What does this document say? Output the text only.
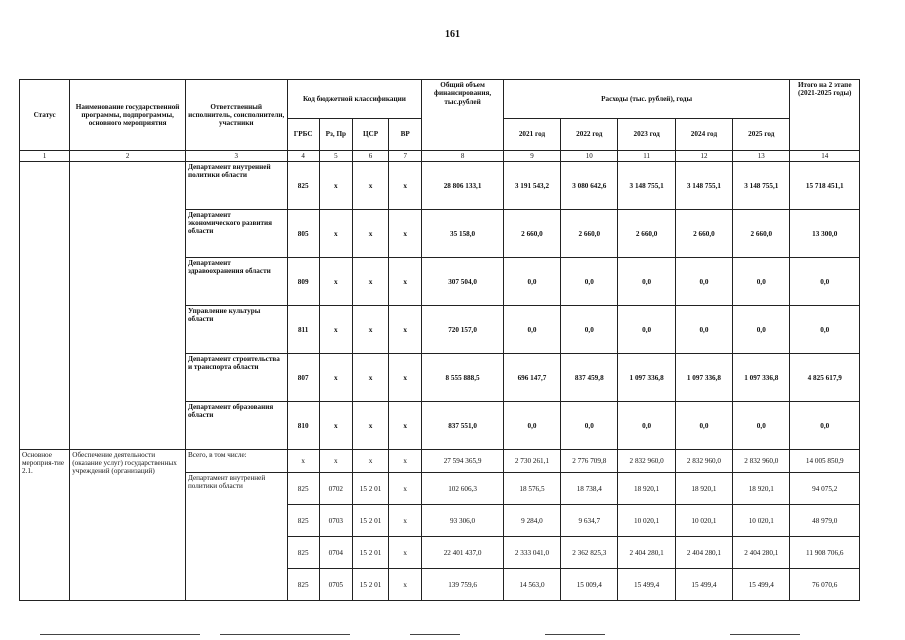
161
Статус	Наименование государственной программы, подпрограммы, основного мероприятия	Ответственный исполнитель, соисполнители, участники	Код бюджетной классификации				Общий объем финансирования, тыс.рублей	Расходы (тыс. рублей), годы					Итого на 2 этапе (2021-2025 годы)
			ГРБС	Рз, Пр	ЦСР	ВР		2021 год	2022 год	2023 год	2024 год	2025 год	
1	2	3	4	5	6	7	8	9	10	11	12	13	14
		Департамент внутренней политики области	825	x	x	x	28 806 133,1	3 191 543,2	3 080 642,6	3 148 755,1	3 148 755,1	3 148 755,1	15 718 451,1
		Департамент экономического развития области	805	x	x	x	35 158,0	2 660,0	2 660,0	2 660,0	2 660,0	2 660,0	13 300,0
		Департамент здравоохранения области	809	x	x	x	307 504,0	0,0	0,0	0,0	0,0	0,0	0,0
		Управление культуры области	811	x	x	x	720 157,0	0,0	0,0	0,0	0,0	0,0	0,0
		Департамент строительства и транспорта области	807	x	x	x	8 555 888,5	696 147,7	837 459,8	1 097 336,8	1 097 336,8	1 097 336,8	4 825 617,9
		Департамент образования области	810	x	x	x	837 551,0	0,0	0,0	0,0	0,0	0,0	0,0
Основное мероприя-тие 2.1.	Обеспечение деятельности (оказание услуг) государственных учреждений (организаций)	Всего, в том числе:	x	x	x	x	27 594 365,9	2 730 261,1	2 776 709,8	2 832 960,0	2 832 960,0	2 832 960,0	14 005 850,9
		Департамент внутренней политики области	825	0702	15 2 01	x	102 606,3	18 576,5	18 738,4	18 920,1	18 920,1	18 920,1	94 075,2
			825	0703	15 2 01	x	93 306,0	9 284,0	9 634,7	10 020,1	10 020,1	10 020,1	48 979,0
			825	0704	15 2 01	x	22 401 437,0	2 333 041,0	2 362 825,3	2 404 280,1	2 404 280,1	2 404 280,1	11 908 706,6
			825	0705	15 2 01	x	139 759,6	14 563,0	15 009,4	15 499,4	15 499,4	15 499,4	76 070,6
